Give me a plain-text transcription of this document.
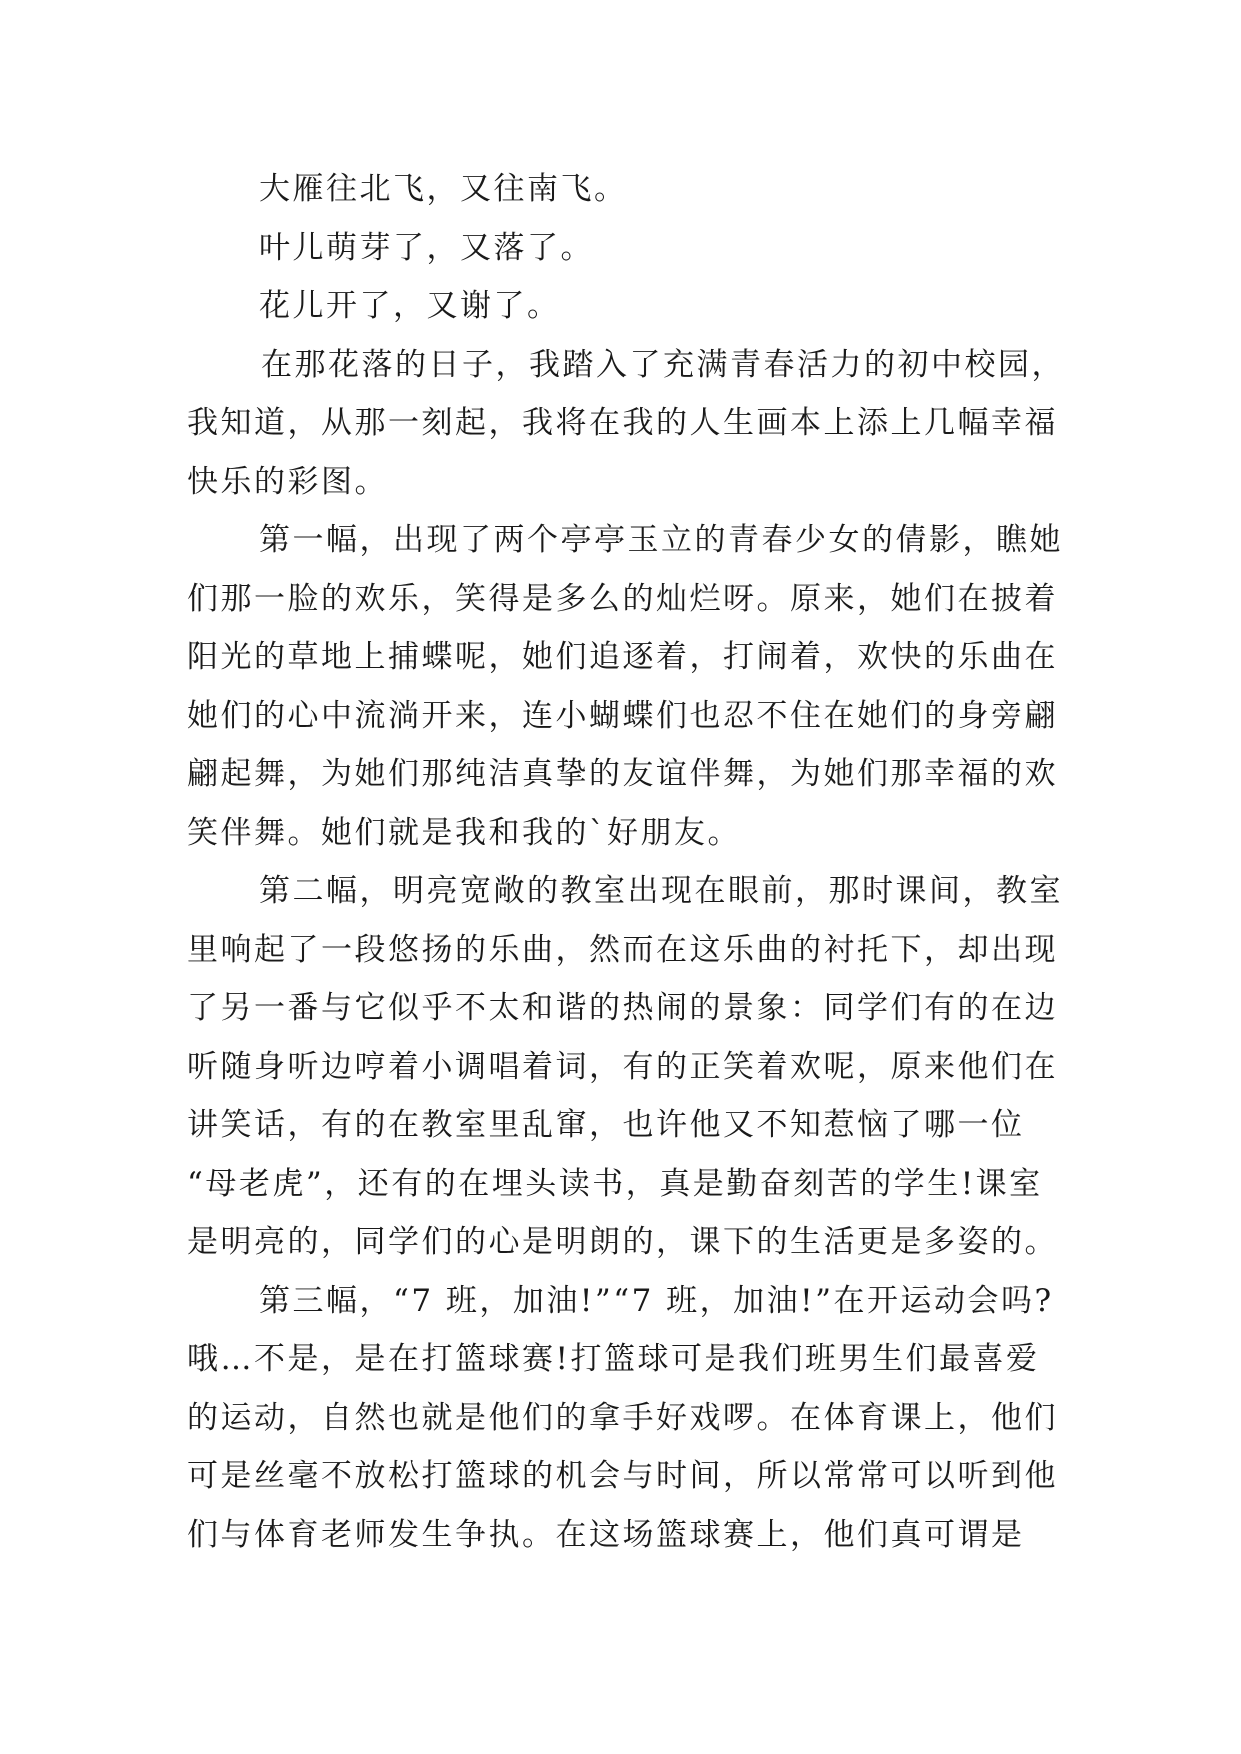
大雁往北飞，又往南飞。
叶儿萌芽了，又落了。
花儿开了，又谢了。
在那花落的日子，我踏入了充满青春活力的初中校园，
我知道，从那一刻起，我将在我的人生画本上添上几幅幸福
快乐的彩图。
第一幅，出现了两个亭亭玉立的青春少女的倩影，瞧她
们那一脸的欢乐，笑得是多么的灿烂呀。原来，她们在披着
阳光的草地上捕蝶呢，她们追逐着，打闹着，欢快的乐曲在
她们的心中流淌开来，连小蝴蝶们也忍不住在她们的身旁翩
翩起舞，为她们那纯洁真挚的友谊伴舞，为她们那幸福的欢
笑伴舞。她们就是我和我的`好朋友。
第二幅，明亮宽敞的教室出现在眼前，那时课间，教室
里响起了一段悠扬的乐曲，然而在这乐曲的衬托下，却出现
了另一番与它似乎不太和谐的热闹的景象：同学们有的在边
听随身听边哼着小调唱着词，有的正笑着欢呢，原来他们在
讲笑话，有的在教室里乱窜，也许他又不知惹恼了哪一位
“母老虎”，还有的在埋头读书，真是勤奋刻苦的学生!课室
是明亮的，同学们的心是明朗的，课下的生活更是多姿的。
第三幅，“7 班，加油!”“7 班，加油!”在开运动会吗?
哦…不是，是在打篮球赛!打篮球可是我们班男生们最喜爱
的运动，自然也就是他们的拿手好戏啰。在体育课上，他们
可是丝毫不放松打篮球的机会与时间，所以常常可以听到他
们与体育老师发生争执。在这场篮球赛上，他们真可谓是
